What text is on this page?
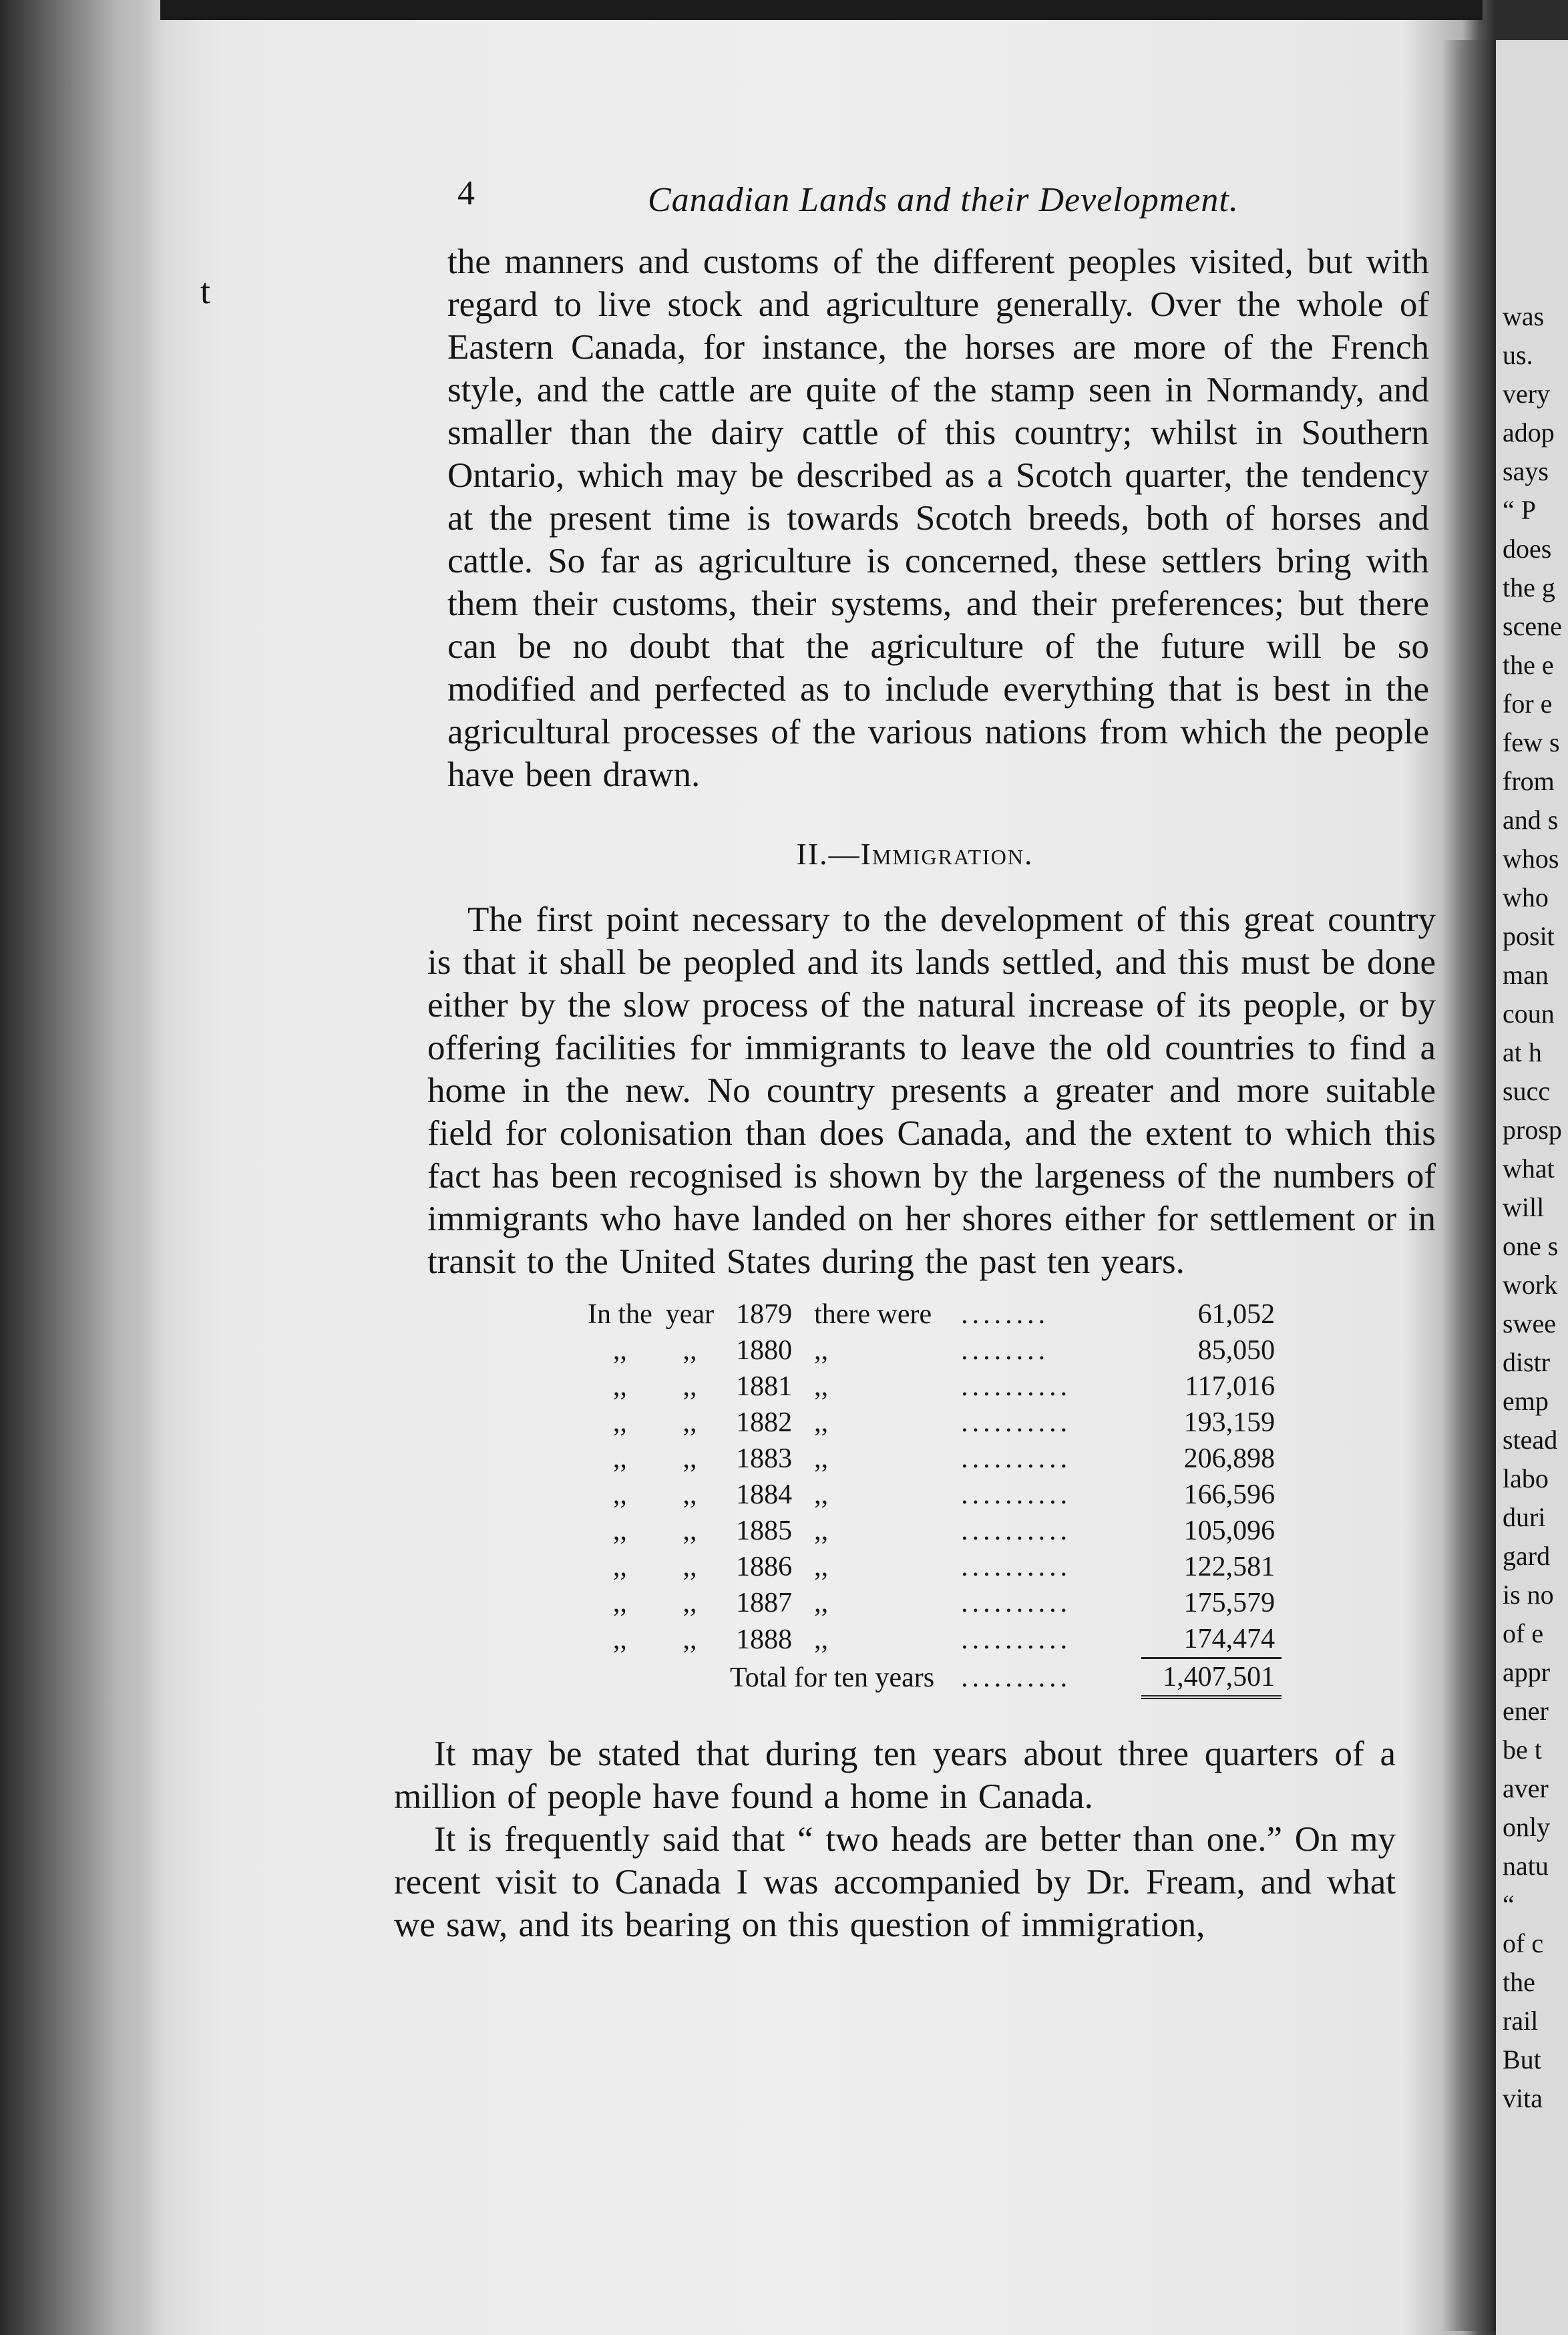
was
us.
very
adop
says
“ P
does
the g
scene
the e
for e
few s
from
and s
whos
who
posit
man
coun
at h
succ
prosp
what
will
one s
work
swee
distr
emp
stead
labo
duri
gard
is no
of e
appr
ener
be t
aver
only
natu
“
of c
the
rail
But
vita
t
4	Canadian Lands and their Development.

the manners and customs of the different peoples visited, but with regard to live stock and agriculture generally. Over the whole of Eastern Canada, for instance, the horses are more of the French style, and the cattle are quite of the stamp seen in Normandy, and smaller than the dairy cattle of this country; whilst in Southern Ontario, which may be described as a Scotch quarter, the tendency at the present time is towards Scotch breeds, both of horses and cattle. So far as agriculture is concerned, these settlers bring with them their customs, their systems, and their preferences; but there can be no doubt that the agriculture of the future will be so modified and perfected as to include everything that is best in the agricultural processes of the various nations from which the people have been drawn.

II.—Immigration.

The first point necessary to the development of this great country is that it shall be peopled and its lands settled, and this must be done either by the slow process of the natural increase of its people, or by offering facilities for immigrants to leave the old countries to find a home in the new. No country presents a greater and more suitable field for colonisation than does Canada, and the extent to which this fact has been recognised is shown by the largeness of the numbers of immigrants who have landed on her shores either for settlement or in transit to the United States during the past ten years.

In the	year	1879	there were	........	61,052
,,	,,	1880	,,	........	85,050
,,	,,	1881	,,	..........	117,016
,,	,,	1882	,,	..........	193,159
,,	,,	1883	,,	..........	206,898
,,	,,	1884	,,	..........	166,596
,,	,,	1885	,,	..........	105,096
,,	,,	1886	,,	..........	122,581
,,	,,	1887	,,	..........	175,579
,,	,,	1888	,,	..........	174,474
Total for ten years				..........	1,407,501

It may be stated that during ten years about three quarters of a million of people have found a home in Canada.

It is frequently said that “ two heads are better than one.” On my recent visit to Canada I was accompanied by Dr. Fream, and what we saw, and its bearing on this question of immigration,
